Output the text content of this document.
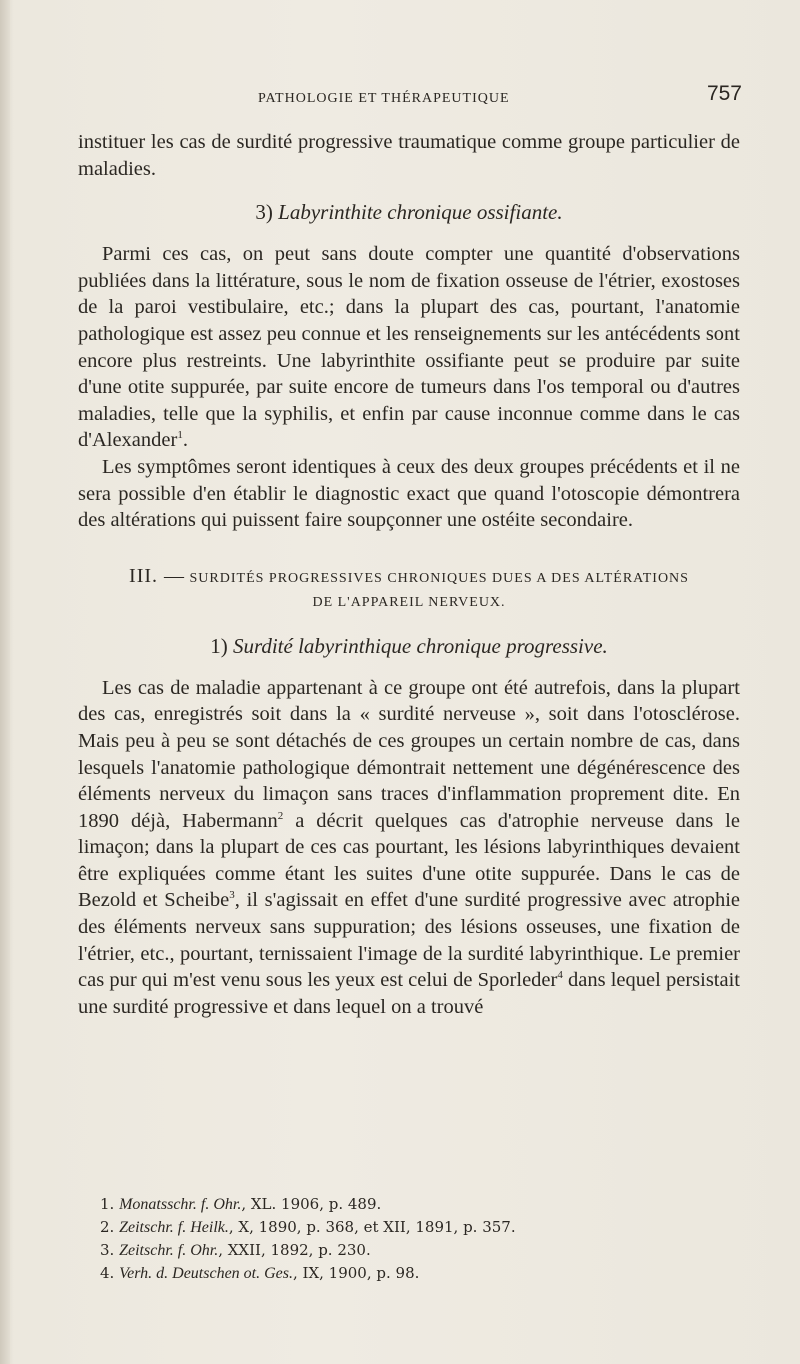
PATHOLOGIE ET THÉRAPEUTIQUE	757

instituer les cas de surdité progressive traumatique comme groupe particulier de maladies.

3) Labyrinthite chronique ossifiante.

Parmi ces cas, on peut sans doute compter une quantité d'observations publiées dans la littérature, sous le nom de fixation osseuse de l'étrier, exostoses de la paroi vestibulaire, etc.; dans la plupart des cas, pourtant, l'anatomie pathologique est assez peu connue et les renseignements sur les antécédents sont encore plus restreints. Une labyrinthite ossifiante peut se produire par suite d'une otite suppurée, par suite encore de tumeurs dans l'os temporal ou d'autres maladies, telle que la syphilis, et enfin par cause inconnue comme dans le cas d'Alexander$^1$.

Les symptômes seront identiques à ceux des deux groupes précédents et il ne sera possible d'en établir le diagnostic exact que quand l'otoscopie démontrera des altérations qui puissent faire soupçonner une ostéite secondaire.

III. — SURDITÉS PROGRESSIVES CHRONIQUES DUES A DES ALTÉRATIONS

DE L'APPAREIL NERVEUX.

1) Surdité labyrinthique chronique progressive.

Les cas de maladie appartenant à ce groupe ont été autrefois, dans la plupart des cas, enregistrés soit dans la « surdité nerveuse », soit dans l'otosclérose. Mais peu à peu se sont détachés de ces groupes un certain nombre de cas, dans lesquels l'anatomie pathologique démontrait nettement une dégénérescence des éléments nerveux du limaçon sans traces d'inflammation proprement dite. En 1890 déjà, Habermann$^2$ a décrit quelques cas d'atrophie nerveuse dans le limaçon; dans la plupart de ces cas pourtant, les lésions labyrinthiques devaient être expliquées comme étant les suites d'une otite suppurée. Dans le cas de Bezold et Scheibe$^3$, il s'agissait en effet d'une surdité progressive avec atrophie des éléments nerveux sans suppuration; des lésions osseuses, une fixation de l'étrier, etc., pourtant, ternissaient l'image de la surdité labyrinthique. Le premier cas pur qui m'est venu sous les yeux est celui de Sporleder$^4$ dans lequel persistait une surdité progressive et dans lequel on a trouvé

1. Monatsschr. f. Ohr., XL. 1906, p. 489.

2. Zeitschr. f. Heilk., X, 1890, p. 368, et XII, 1891, p. 357.

3. Zeitschr. f. Ohr., XXII, 1892, p. 230.

4. Verh. d. Deutschen ot. Ges., IX, 1900, p. 98.
